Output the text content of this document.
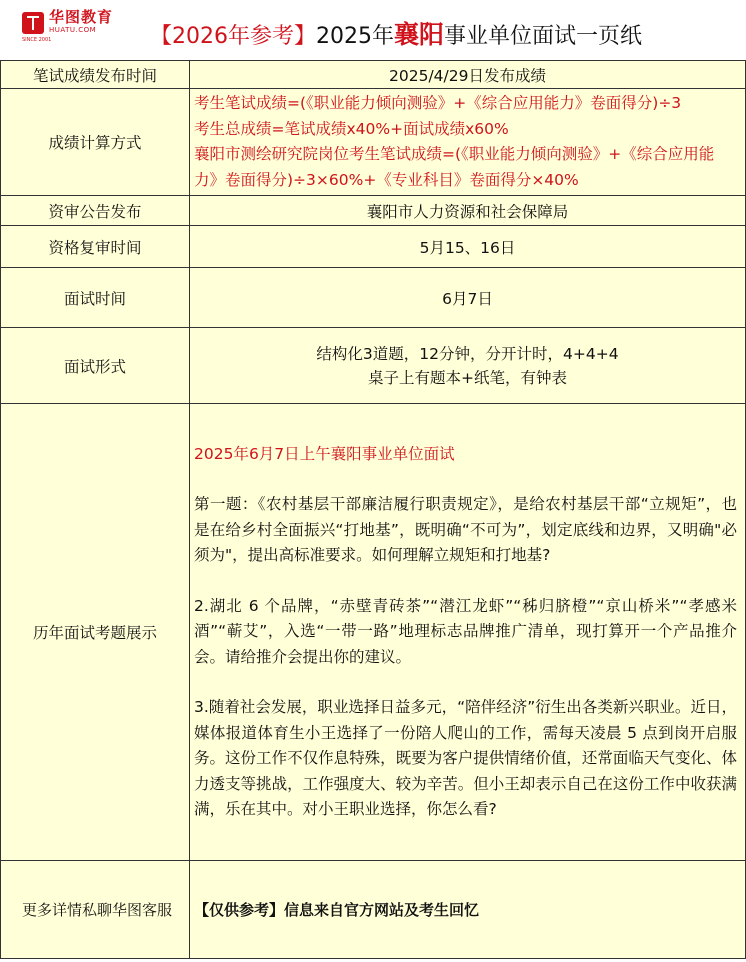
华图教育
HUATU.COM
SINCE 2001	【2026年参考】2025年襄阳事业单位面试一页纸
笔试成绩发布时间	2025/4/29日发布成绩
成绩计算方式	考生笔试成绩=(《职业能力倾向测验》+《综合应用能力》卷面得分)÷3
考生总成绩=笔试成绩x40%+面试成绩x60%
襄阳市测绘研究院岗位考生笔试成绩=(《职业能力倾向测验》+《综合应用能力》卷面得分)÷3×60%+《专业科目》卷面得分×40%

资审公告发布	襄阳市人力资源和社会保障局
资格复审时间	5月15、16日
面试时间	6月7日
面试形式	结构化3道题，12分钟，分开计时，4+4+4
桌子上有题本+纸笔，有钟表

历年面试考题展示	2025年6月7日上午襄阳事业单位面试

第一题：《农村基层干部廉洁履行职责规定》，是给农村基层干部“立规矩”，也是在给乡村全面振兴“打地基”，既明确“不可为”，划定底线和边界，又明确"必须为"，提出高标准要求。如何理解立规矩和打地基?

2.湖北 6 个品牌，“赤壁青砖茶”“潜江龙虾”“秭归脐橙”“京山桥米”“孝感米酒”“蕲艾”，入选“一带一路”地理标志品牌推广清单，现打算开一个产品推介会。请给推介会提出你的建议。

3.随着社会发展，职业选择日益多元，“陪伴经济”衍生出各类新兴职业。近日，媒体报道体育生小王选择了一份陪人爬山的工作，需每天凌晨 5 点到岗开启服务。这份工作不仅作息特殊，既要为客户提供情绪价值，还常面临天气变化、体力透支等挑战，工作强度大、较为辛苦。但小王却表示自己在这份工作中收获满满，乐在其中。对小王职业选择，你怎么看?

更多详情私聊华图客服	【仅供参考】信息来自官方网站及考生回忆
